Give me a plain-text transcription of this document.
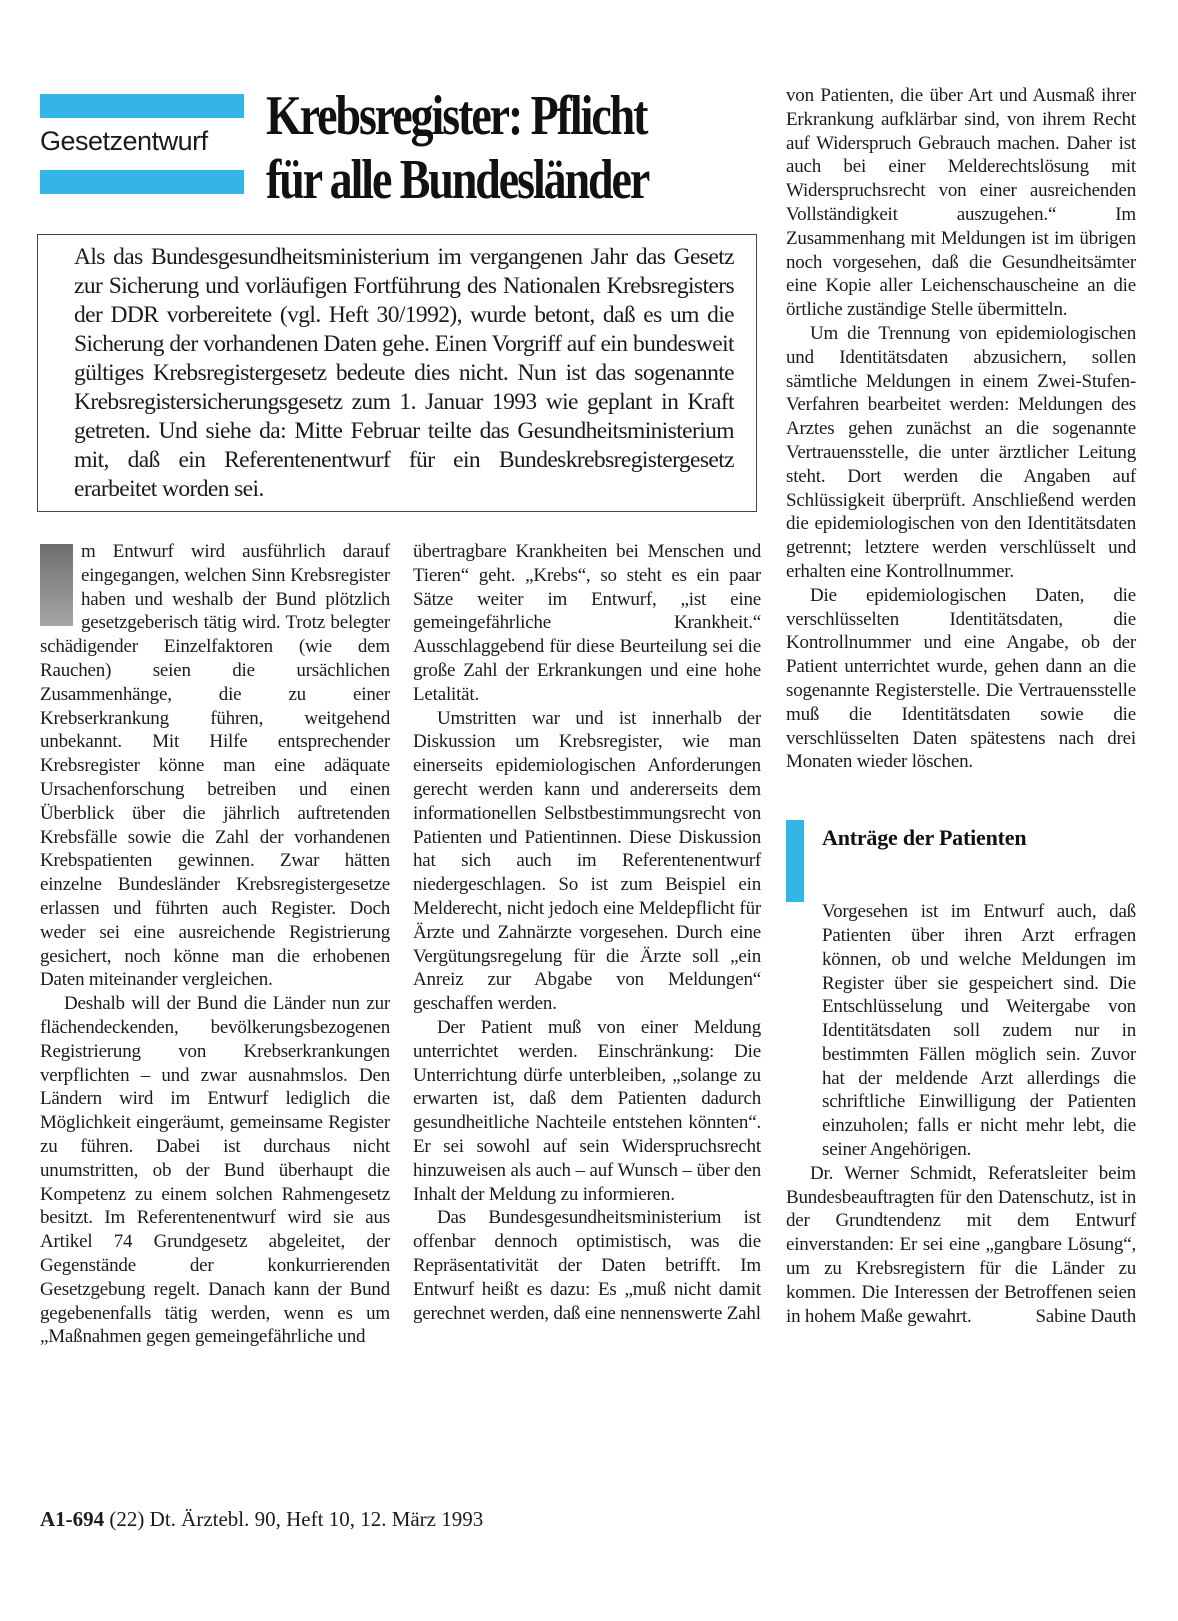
Gesetzentwurf Krebsregister: Pflicht
für alle Bundesländer

Als das Bundesgesundheitsministerium im vergangenen Jahr das Gesetz zur Sicherung und vorläufigen Fortführung des Nationalen Krebsregisters der DDR vorbereitete (vgl. Heft 30/1992), wurde betont, daß es um die Sicherung der vorhandenen Daten gehe. Einen Vorgriff auf ein bundesweit gültiges Krebsregistergesetz bedeute dies nicht. Nun ist das sogenannte Krebsregistersicherungsgesetz zum 1. Januar 1993 wie geplant in Kraft getreten. Und siehe da: Mitte Februar teilte das Gesundheitsministerium mit, daß ein Referentenentwurf für ein Bundeskrebsregistergesetz erarbeitet worden sei.

m Entwurf wird ausführlich darauf eingegangen, welchen Sinn Krebsregister haben und weshalb der Bund plötzlich gesetzgeberisch tätig wird. Trotz belegter schädigender Einzelfaktoren (wie dem Rauchen) seien die ursächlichen Zusammenhänge, die zu einer Krebserkrankung führen, weitgehend unbekannt. Mit Hilfe entsprechender Krebsregister könne man eine adäquate Ursachenforschung betreiben und einen Überblick über die jährlich auftretenden Krebsfälle sowie die Zahl der vorhandenen Krebspatienten gewinnen. Zwar hätten einzelne Bundesländer Krebsregistergesetze erlassen und führten auch Register. Doch weder sei eine ausreichende Registrierung gesichert, noch könne man die erhobenen Daten miteinander vergleichen.

Deshalb will der Bund die Länder nun zur flächendeckenden, bevölkerungsbezogenen Registrierung von Krebserkrankungen verpflichten – und zwar ausnahmslos. Den Ländern wird im Entwurf lediglich die Möglichkeit eingeräumt, gemeinsame Register zu führen. Dabei ist durchaus nicht unumstritten, ob der Bund überhaupt die Kompetenz zu einem solchen Rahmengesetz besitzt. Im Referentenentwurf wird sie aus Artikel 74 Grundgesetz abgeleitet, der Gegenstände der konkurrierenden Gesetzgebung regelt. Danach kann der Bund gegebenenfalls tätig werden, wenn es um „Maßnahmen gegen gemeingefährliche und

übertragbare Krankheiten bei Menschen und Tieren“ geht. „Krebs“, so steht es ein paar Sätze weiter im Entwurf, „ist eine gemeingefährliche Krankheit.“ Ausschlaggebend für diese Beurteilung sei die große Zahl der Erkrankungen und eine hohe Letalität.

Umstritten war und ist innerhalb der Diskussion um Krebsregister, wie man einerseits epidemiologischen Anforderungen gerecht werden kann und andererseits dem informationellen Selbstbestimmungsrecht von Patienten und Patientinnen. Diese Diskussion hat sich auch im Referentenentwurf niedergeschlagen. So ist zum Beispiel ein Melderecht, nicht jedoch eine Meldepflicht für Ärzte und Zahnärzte vorgesehen. Durch eine Vergütungsregelung für die Ärzte soll „ein Anreiz zur Abgabe von Meldungen“ geschaffen werden.

Der Patient muß von einer Meldung unterrichtet werden. Einschränkung: Die Unterrichtung dürfe unterbleiben, „solange zu erwarten ist, daß dem Patienten dadurch gesundheitliche Nachteile entstehen könnten“. Er sei sowohl auf sein Widerspruchsrecht hinzuweisen als auch – auf Wunsch – über den Inhalt der Meldung zu informieren.

Das Bundesgesundheitsministerium ist offenbar dennoch optimistisch, was die Repräsentativität der Daten betrifft. Im Entwurf heißt es dazu: Es „muß nicht damit gerechnet werden, daß eine nennenswerte Zahl

von Patienten, die über Art und Ausmaß ihrer Erkrankung aufklärbar sind, von ihrem Recht auf Widerspruch Gebrauch machen. Daher ist auch bei einer Melderechtslösung mit Widerspruchsrecht von einer ausreichenden Vollständigkeit auszugehen.“ Im Zusammenhang mit Meldungen ist im übrigen noch vorgesehen, daß die Gesundheitsämter eine Kopie aller Leichenschauscheine an die örtliche zuständige Stelle übermitteln.

Um die Trennung von epidemiologischen und Identitätsdaten abzusichern, sollen sämtliche Meldungen in einem Zwei-Stufen-Verfahren bearbeitet werden: Meldungen des Arztes gehen zunächst an die sogenannte Vertrauensstelle, die unter ärztlicher Leitung steht. Dort werden die Angaben auf Schlüssigkeit überprüft. Anschließend werden die epidemiologischen von den Identitätsdaten getrennt; letztere werden verschlüsselt und erhalten eine Kontrollnummer.

Die epidemiologischen Daten, die verschlüsselten Identitätsdaten, die Kontrollnummer und eine Angabe, ob der Patient unterrichtet wurde, gehen dann an die sogenannte Registerstelle. Die Vertrauensstelle muß die Identitätsdaten sowie die verschlüsselten Daten spätestens nach drei Monaten wieder löschen.

Anträge der Patienten

Vorgesehen ist im Entwurf auch, daß Patienten über ihren Arzt erfragen können, ob und welche Meldungen im Register über sie gespeichert sind. Die Entschlüsselung und Weitergabe von Identitätsdaten soll zudem nur in bestimmten Fällen möglich sein. Zuvor hat der meldende Arzt allerdings die schriftliche Einwilligung der Patienten einzuholen; falls er nicht mehr lebt, die seiner Angehörigen.

Dr. Werner Schmidt, Referatsleiter beim Bundesbeauftragten für den Datenschutz, ist in der Grundtendenz mit dem Entwurf einverstanden: Er sei eine „gangbare Lösung“, um zu Krebsregistern für die Länder zu kommen. Die Interessen der Betroffenen seien in hohem Maße gewahrt.	Sabine Dauth

A1-694 (22) Dt. Ärztebl. 90, Heft 10, 12. März 1993
